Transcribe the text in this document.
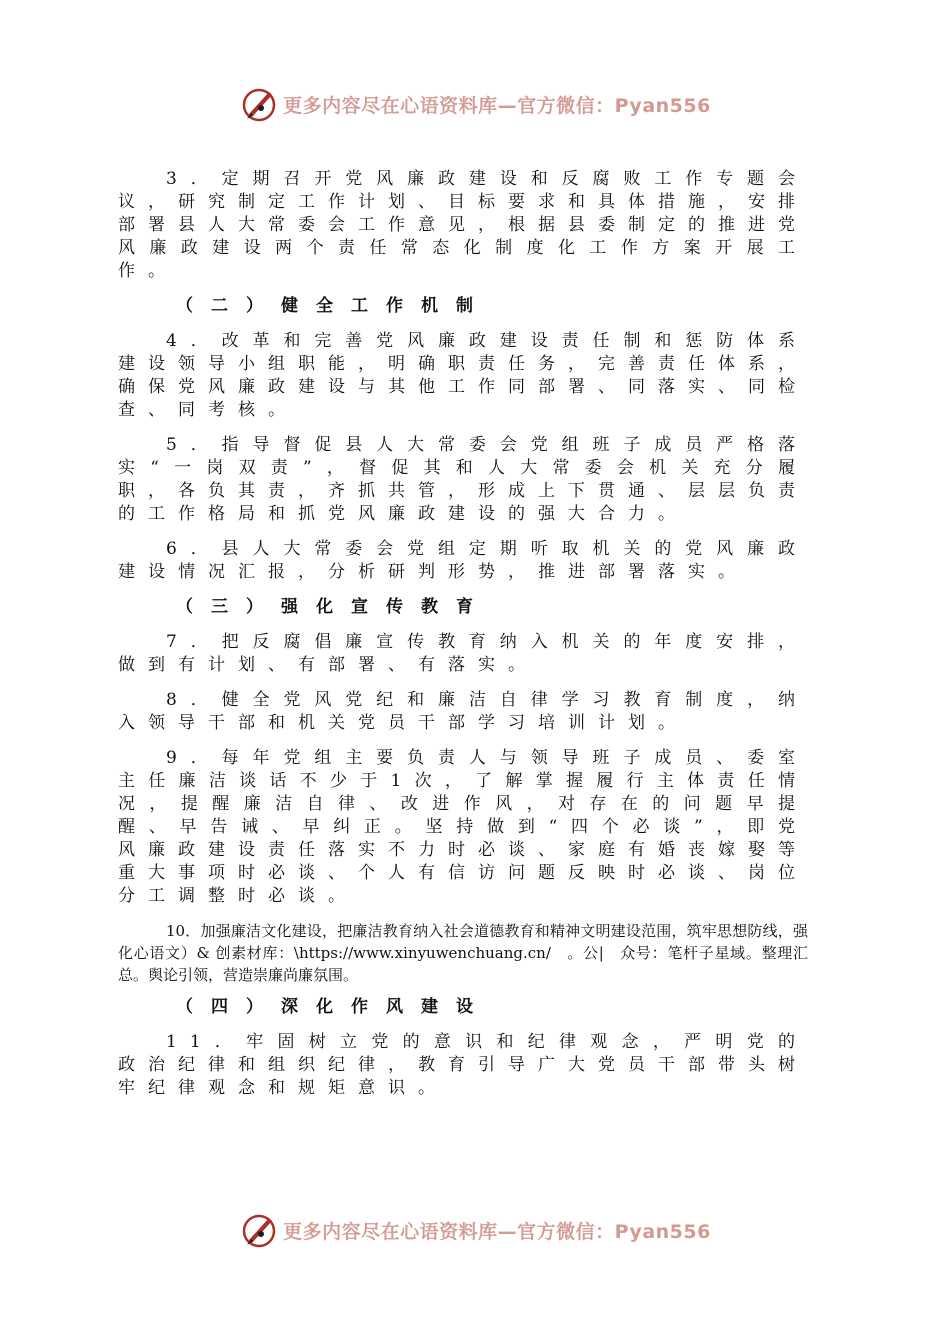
更多内容尽在心语资料库—官方微信：Pyan556

3．定期召开党风廉政建设和反腐败工作专题会议，研究制定工作计划、目标要求和具体措施，安排部署县人大常委会工作意见，根据县委制定的推进党风廉政建设两个责任常态化制度化工作方案开展工作。

（二）健全工作机制

4．改革和完善党风廉政建设责任制和惩防体系建设领导小组职能，明确职责任务，完善责任体系，确保党风廉政建设与其他工作同部署、同落实、同检查、同考核。

5．指导督促县人大常委会党组班子成员严格落实“一岗双责”，督促其和人大常委会机关充分履职，各负其责，齐抓共管，形成上下贯通、层层负责的工作格局和抓党风廉政建设的强大合力。

6．县人大常委会党组定期听取机关的党风廉政建设情况汇报，分析研判形势，推进部署落实。

（三）强化宣传教育

7．把反腐倡廉宣传教育纳入机关的年度安排，做到有计划、有部署、有落实。

8．健全党风党纪和廉洁自律学习教育制度，纳入领导干部和机关党员干部学习培训计划。

9．每年党组主要负责人与领导班子成员、委室主任廉洁谈话不少于1次，了解掌握履行主体责任情况，提醒廉洁自律、改进作风，对存在的问题早提醒、早告诫、早纠正。坚持做到“四个必谈”，即党风廉政建设责任落实不力时必谈、家庭有婚丧嫁娶等重大事项时必谈、个人有信访问题反映时必谈、岗位分工调整时必谈。

10．加强廉洁文化建设，把廉洁教育纳入社会道德教育和精神文明建设范围，筑牢思想防线，强化心语文）& 创素材库：\https://www.xinyuwenchuang.cn/　。公|　众号：笔杆子星域。整理汇总。舆论引领，营造崇廉尚廉氛围。

（四）深化作风建设

11．牢固树立党的意识和纪律观念，严明党的政治纪律和组织纪律，教育引导广大党员干部带头树牢纪律观念和规矩意识。

更多内容尽在心语资料库—官方微信：Pyan556
